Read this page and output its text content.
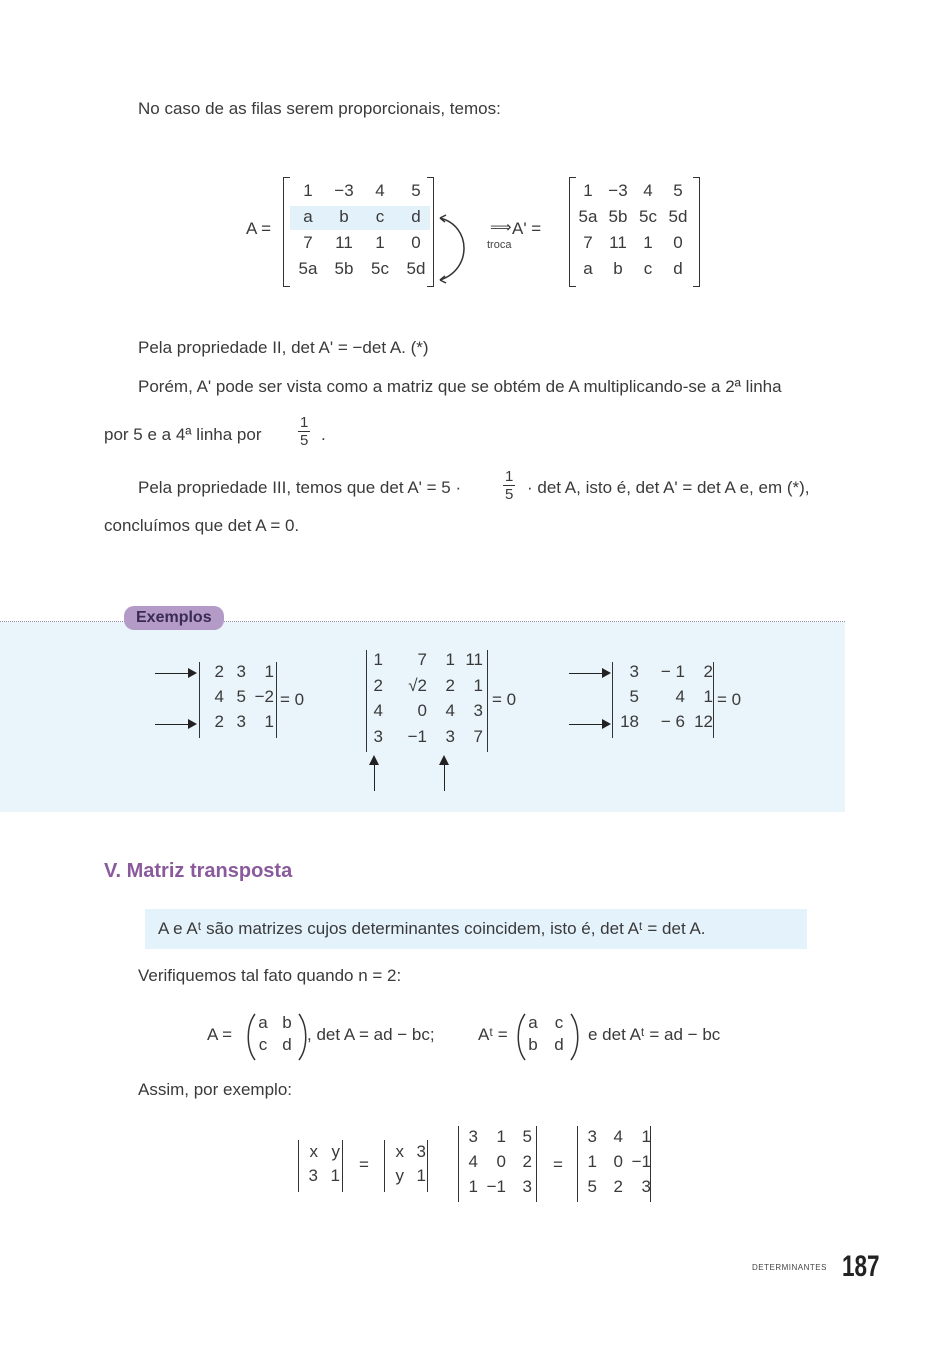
No caso de as filas serem proporcionais, temos:
A =
1	−3	4	5
a	b	c	d
7	11	1	0
5a	5b	5c	5d
⟹
troca
A' =
1 −3 4	5
5a 5b 5c 5d
7 11 1	0
a	b	c	d
Pela propriedade II, det A' = −det A. (*)
Porém, A' pode ser vista como a matriz que se obtém de A multiplicando-se a 2ª linha
por 5 e a 4ª linha por $\frac{1}{5}$ .
Pela propriedade III, temos que det A' = 5 ·	$\frac{1}{5} \cdot \det A$, isto é, det A' = det A e, em (*),
concluímos que det A = 0.
Exemplos
2 3	1
4 5 −2
2 3	1
= 0
1	7	1 11
2	√2	2	1
4	0	4	3
3	−1	3	7
= 0
3	− 1	2
5	4	1
18	− 6 12
= 0
V. Matriz transposta
A e Aᵗ são matrizes cujos determinantes coincidem, isto é, det Aᵗ = det A.
Verifiquemos tal fato quando n = 2:
A =
a b
c d
, det A = ad − bc;	Aᵗ =
a	c
b d
e det Aᵗ = ad − bc
Assim, por exemplo:
x y
3 1
=
x 3
y 1
3	1 5
4	0 2
1 −1 3
=
3 4	1
1 0 −1
5 2	3
DETERMINANTES 187
